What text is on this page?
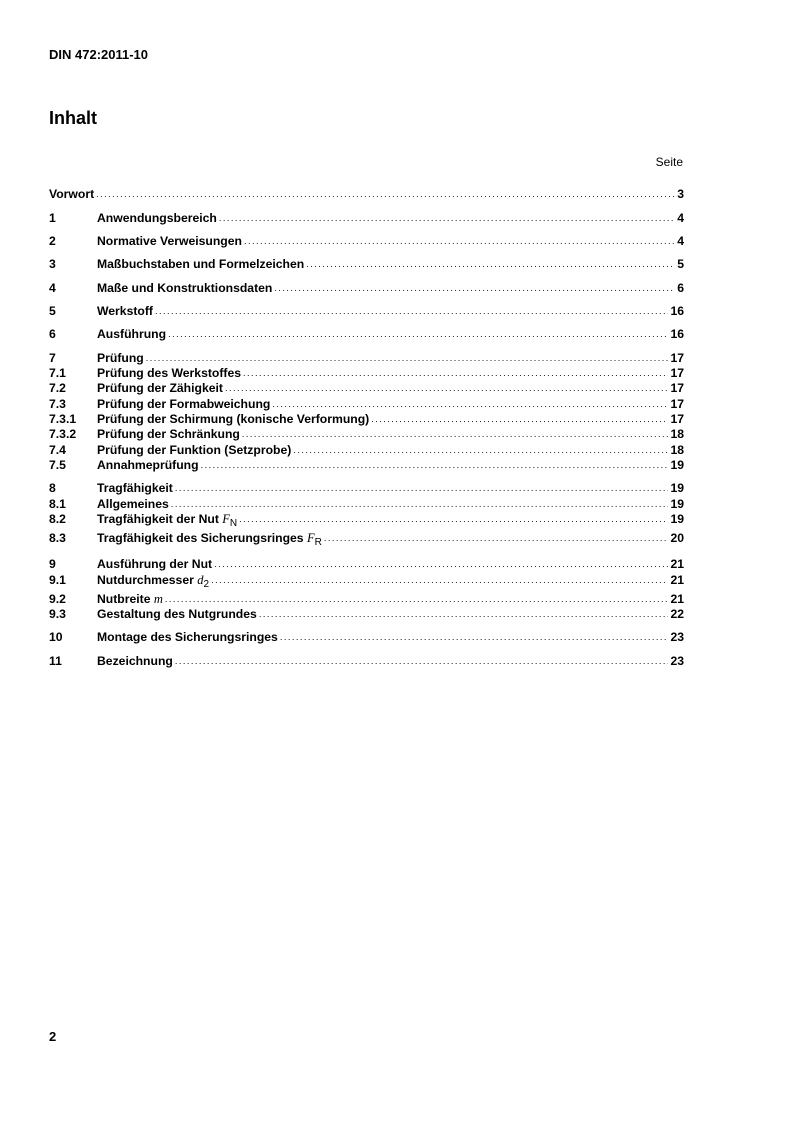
DIN 472:2011-10
Inhalt
Seite
Vorwort .....	3
1	Anwendungsbereich .....	4
2	Normative Verweisungen .....	4
3	Maßbuchstaben und Formelzeichen .....	5
4	Maße und Konstruktionsdaten .....	6
5	Werkstoff .....	16
6	Ausführung .....	16
7	Prüfung .....	17
7.1	Prüfung des Werkstoffes .....	17
7.2	Prüfung der Zähigkeit .....	17
7.3	Prüfung der Formabweichung .....	17
7.3.1	Prüfung der Schirmung (konische Verformung) .....	17
7.3.2	Prüfung der Schränkung .....	18
7.4	Prüfung der Funktion (Setzprobe) .....	18
7.5	Annahmeprüfung .....	19
8	Tragfähigkeit .....	19
8.1	Allgemeines .....	19
8.2	Tragfähigkeit der Nut $F_N$ .....	19
8.3	Tragfähigkeit des Sicherungsringes $F_R$ .....	20
9	Ausführung der Nut .....	21
9.1	Nutdurchmesser $d_2$ .....	21
9.2	Nutbreite m .....	21
9.3	Gestaltung des Nutgrundes .....	22
10	Montage des Sicherungsringes .....	23
11	Bezeichnung .....	23
2
